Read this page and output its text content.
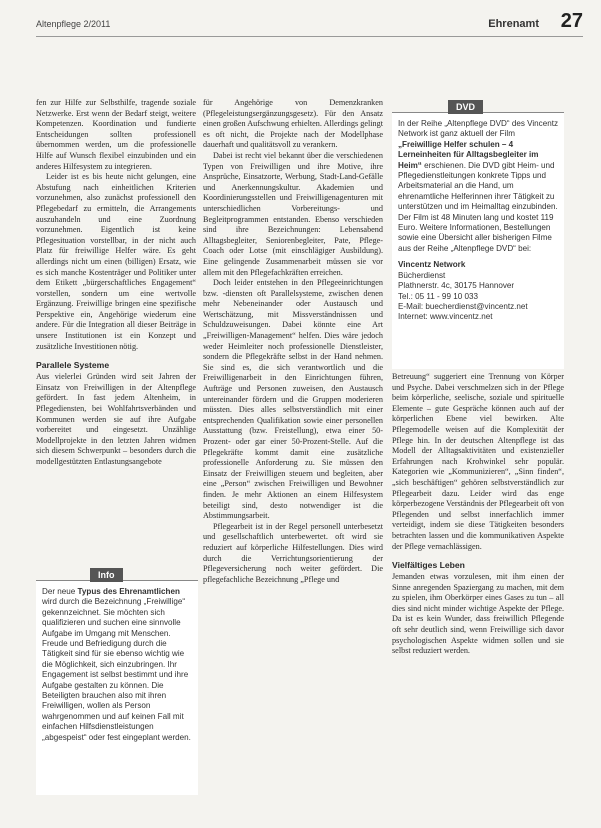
Altenpflege 2/2011	Ehrenamt 27

fen zur Hilfe zur Selbsthilfe, tragende soziale Netzwerke. Erst wenn der Bedarf steigt, weitere Kompetenzen. Koordination und fundierte Entscheidungen sollten professionell übernommen werden, um die professionelle Hilfe auf Wunsch flexibel einzubinden und ein anderes Hilfesystem zu integrieren.

Leider ist es bis heute nicht gelungen, eine Abstufung nach einheitlichen Kriterien vorzunehmen, also zunächst professionell den Pflegebedarf zu ermitteln, die Arrangements auszuhandeln und eine Zuordnung vorzunehmen. Eigentlich ist keine Pflegesituation vorstellbar, in der nicht auch Platz für freiwillige Helfer wäre. Es geht allerdings nicht um einen (billigen) Ersatz, wie es sich manche Kostenträger und Politiker unter dem Etikett „bürgerschaftliches Engagement“ vorstellen, sondern um eine wertvolle Ergänzung. Freiwillige bringen eine spezifische Perspektive ein, Angehörige wiederum eine andere. Für die Integration all dieser Beiträge in unsere Institutionen ist ein Konzept und zusätzliche Investitionen nötig.

Parallele Systeme

Aus vielerlei Gründen wird seit Jahren der Einsatz von Freiwilligen in der Altenpflege gefördert. In fast jedem Altenheim, in Pflegediensten, bei Wohlfahrtsverbänden und Kommunen werden sie auf ihre Aufgabe vorbereitet und eingesetzt. Unzählige Modellprojekte in den letzten Jahren widmen sich diesem Schwerpunkt – besonders durch die modellgestützten Entlastungsangebote

Info

Der neue Typus des Ehrenamtlichen wird durch die Bezeichnung „Freiwillige“ gekennzeichnet. Sie möchten sich qualifizieren und suchen eine sinnvolle Aufgabe im Umgang mit Menschen. Freude und Befriedigung durch die Tätigkeit sind für sie ebenso wichtig wie die Möglichkeit, sich einzubringen. Ihr Engagement ist selbst bestimmt und ihre Aufgabe gestalten zu können. Die Beteiligten brauchen also mit ihren Freiwilligen, wollen als Person wahrgenommen und auf keinen Fall mit einfachen Hilfsdienstleistungen „abgespeist“ oder fest eingeplant werden.

für Angehörige von Demenzkranken (Pflegeleistungsergänzungsgesetz). Für den Ansatz einen großen Aufschwung erhielten. Allerdings gelingt es oft nicht, die Projekte nach der Modellphase dauerhaft und qualitätsvoll zu verankern.

Dabei ist recht viel bekannt über die verschiedenen Typen von Freiwilligen und ihre Motive, ihre Ansprüche, Einsatzorte, Werbung, Stadt-Land-Gefälle und Anerkennungskultur. Akademien und Koordinierungsstellen und Freiwilligenagenturen mit unterschiedlichen Vorbereitungs- und Begleitprogrammen entstanden. Ebenso verschieden sind ihre Bezeichnungen: Lebensabend Alltagsbegleiter, Seniorenbegleiter, Pate, Pflege-Coach oder Lotse (mit einschlägiger Ausbildung). Eine gelingende Zusammenarbeit müssen sie vor allem mit den Pflegefachkräften erreichen.

Doch leider entstehen in den Pflegeeinrichtungen bzw. -diensten oft Parallelsysteme, zwischen denen mehr Nebeneinander oder Austausch und Wertschätzung, mit Missverständnissen und Schuldzuweisungen. Dabei könnte eine Art „Freiwilligen-Management“ helfen. Dies wäre jedoch weder Heimleiter noch professionelle Dienstleister, sondern die Pflegekräfte selbst in der Hand nehmen. Sie sind es, die sich verantwortlich und die Freiwilligenarbeit in den Einrichtungen führen, Aufträge und Personen zuweisen, den Austausch untereinander fördern und die Gruppen moderieren müssten. Dies alles selbstverständlich mit einer entsprechenden Qualifikation sowie einer personellen Ausstattung (bzw. Freistellung), etwa einer 50-Prozent- oder gar einer 50-Prozent-Stelle. Auf die Pflegekräfte kommt damit eine zusätzliche professionelle Anforderung zu. Sie müssen den Einsatz der Freiwilligen steuern und begleiten, aber eine „Person“ zwischen Freiwilligen und Bewohner finden. Je mehr Aktionen an einem Hilfesystem beteiligt sind, desto notwendiger ist die Abstimmungsarbeit.

Pflegearbeit ist in der Regel personell unterbesetzt und gesellschaftlich unterbewertet. oft wird sie reduziert auf körperliche Hilfestellungen. Dies wird durch die Verrichtungsorientierung der Pflegeversicherung noch weiter gefördert. Die pflegefachliche Bezeichnung „Pflege und

DVD

In der Reihe „Altenpflege DVD“ des Vincentz Network ist ganz aktuell der Film „Freiwillige Helfer schulen – 4 Lerneinheiten für Alltagsbegleiter im Heim“ erschienen. Die DVD gibt Heim- und Pflegedienstleitungen konkrete Tipps und Arbeitsmaterial an die Hand, um ehrenamtliche Helferinnen ihrer Tätigkeit zu unterstützen und im Heimalltag einzubinden.

Der Film ist 48 Minuten lang und kostet 119 Euro. Weitere Informationen, Bestellungen sowie eine Übersicht aller bisherigen Filme aus der Reihe „Altenpflege DVD“ bei:

Vincentz Network

Bücherdienst

Plathnerstr. 4c, 30175 Hannover

Tel.: 05 11 - 99 10 033

E-Mail: buecherdienst@vincentz.net

Internet: www.vincentz.net

Betreuung“ suggeriert eine Trennung von Körper und Psyche. Dabei verschmelzen sich in der Pflege beim körperliche, seelische, soziale und spirituelle Elemente – gute Gespräche können auch auf der körperlichen Ebene viel bewirken. Alte Pflegemodelle weisen auf die Komplexität der Pflege hin. In der deutschen Altenpflege ist das Modell der Alltagsaktivitäten und existenzieller Erfahrungen nach Krohwinkel sehr populär. Kategorien wie „Kommunizieren“, „Sinn finden“, „sich beschäftigen“ gehören selbstverständlich zur Pflegearbeit dazu. Leider wird das enge körperbezogene Verständnis der Pflegearbeit oft von Pflegenden und selbst innerfachlich immer verteidigt, indem sie diese Tätigkeiten besonders betrachten lassen und die kommunikativen Aspekte der Pflege vernachlässigen.

Vielfältiges Leben

Jemanden etwas vorzulesen, mit ihm einen der Sinne anregenden Spaziergang zu machen, mit dem zu spielen, ihm Oberkörper eines Gases zu tun – all dies sind nicht minder wichtige Aspekte der Pflege. Da ist es kein Wunder, dass freiwillich Pflegende oft sehr deutlich sind, wenn Freiwillige sich davor psychologischen Aspekte widmen sollen und sie selbst reduziert werden.
